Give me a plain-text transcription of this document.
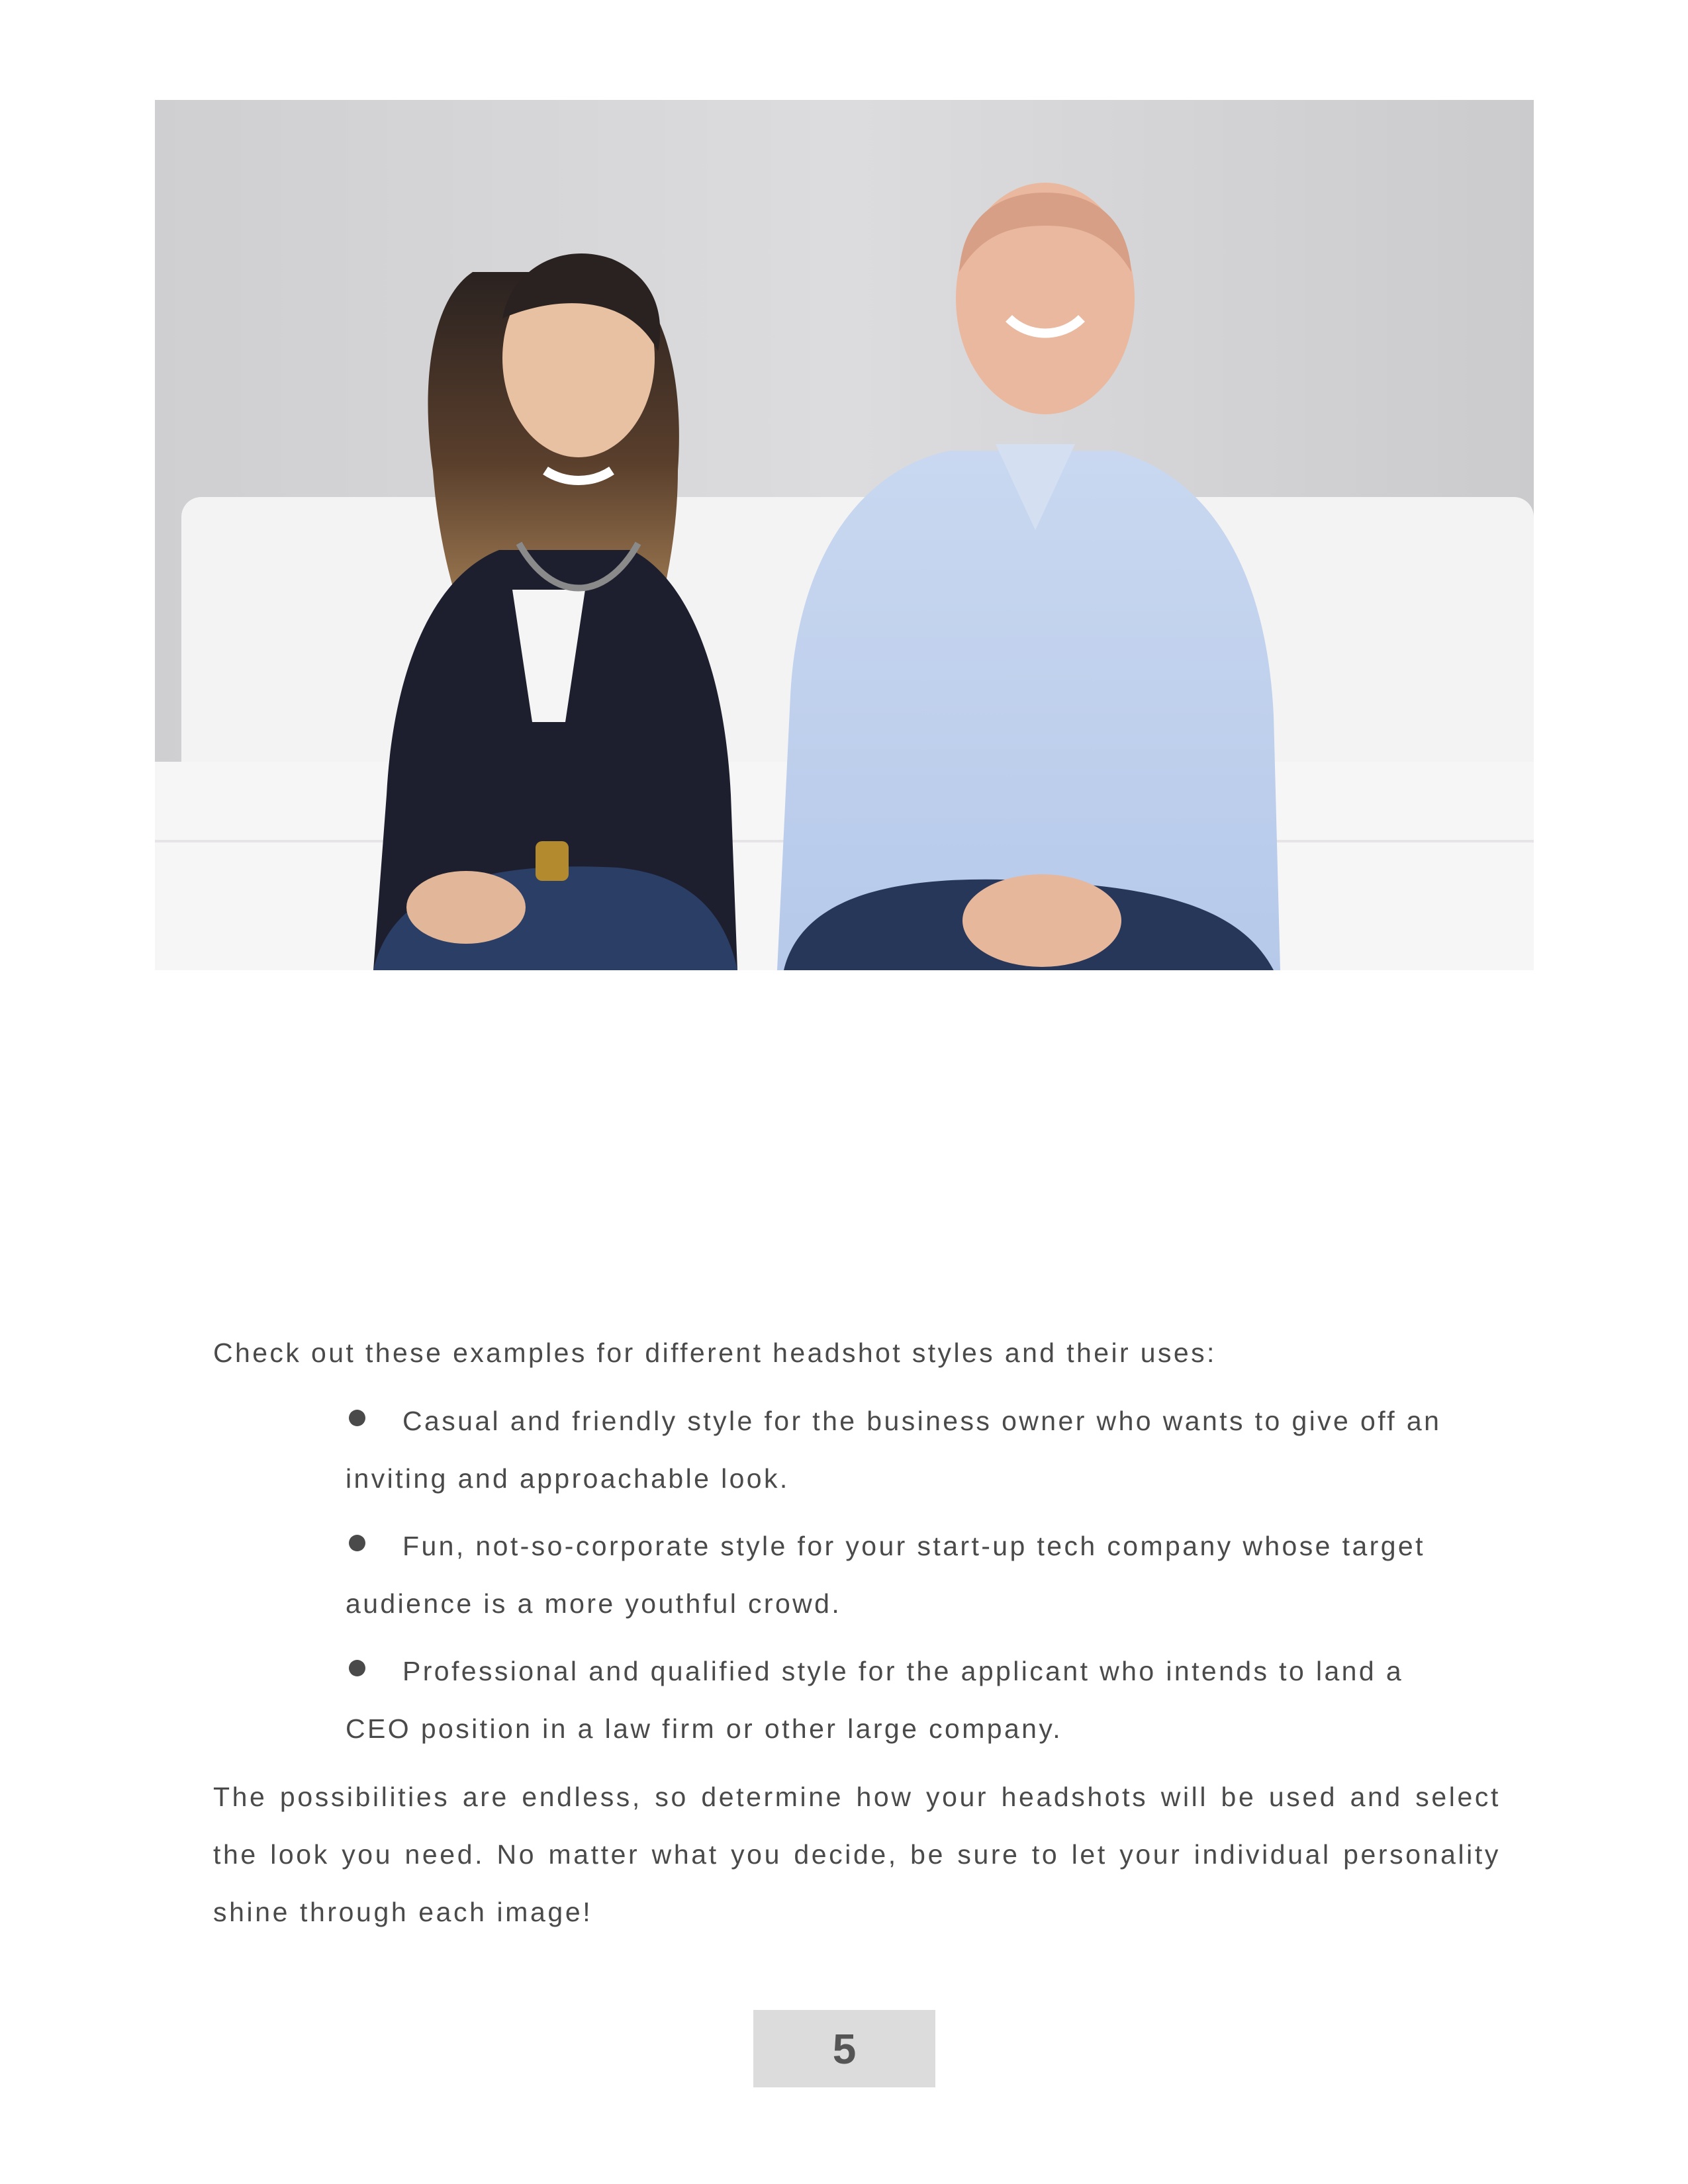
Check out these examples for different headshot styles and their uses:

Casual and friendly style for the business owner who wants to give off an inviting and approachable look.
Fun, not-so-corporate style for your start-up tech company whose target audience is a more youthful crowd.
Professional and qualified style for the applicant who intends to land a CEO position in a law firm or other large company.

The possibilities are endless, so determine how your headshots will be used and select the look you need. No matter what you decide, be sure to let your individual personality shine through each image!

5
